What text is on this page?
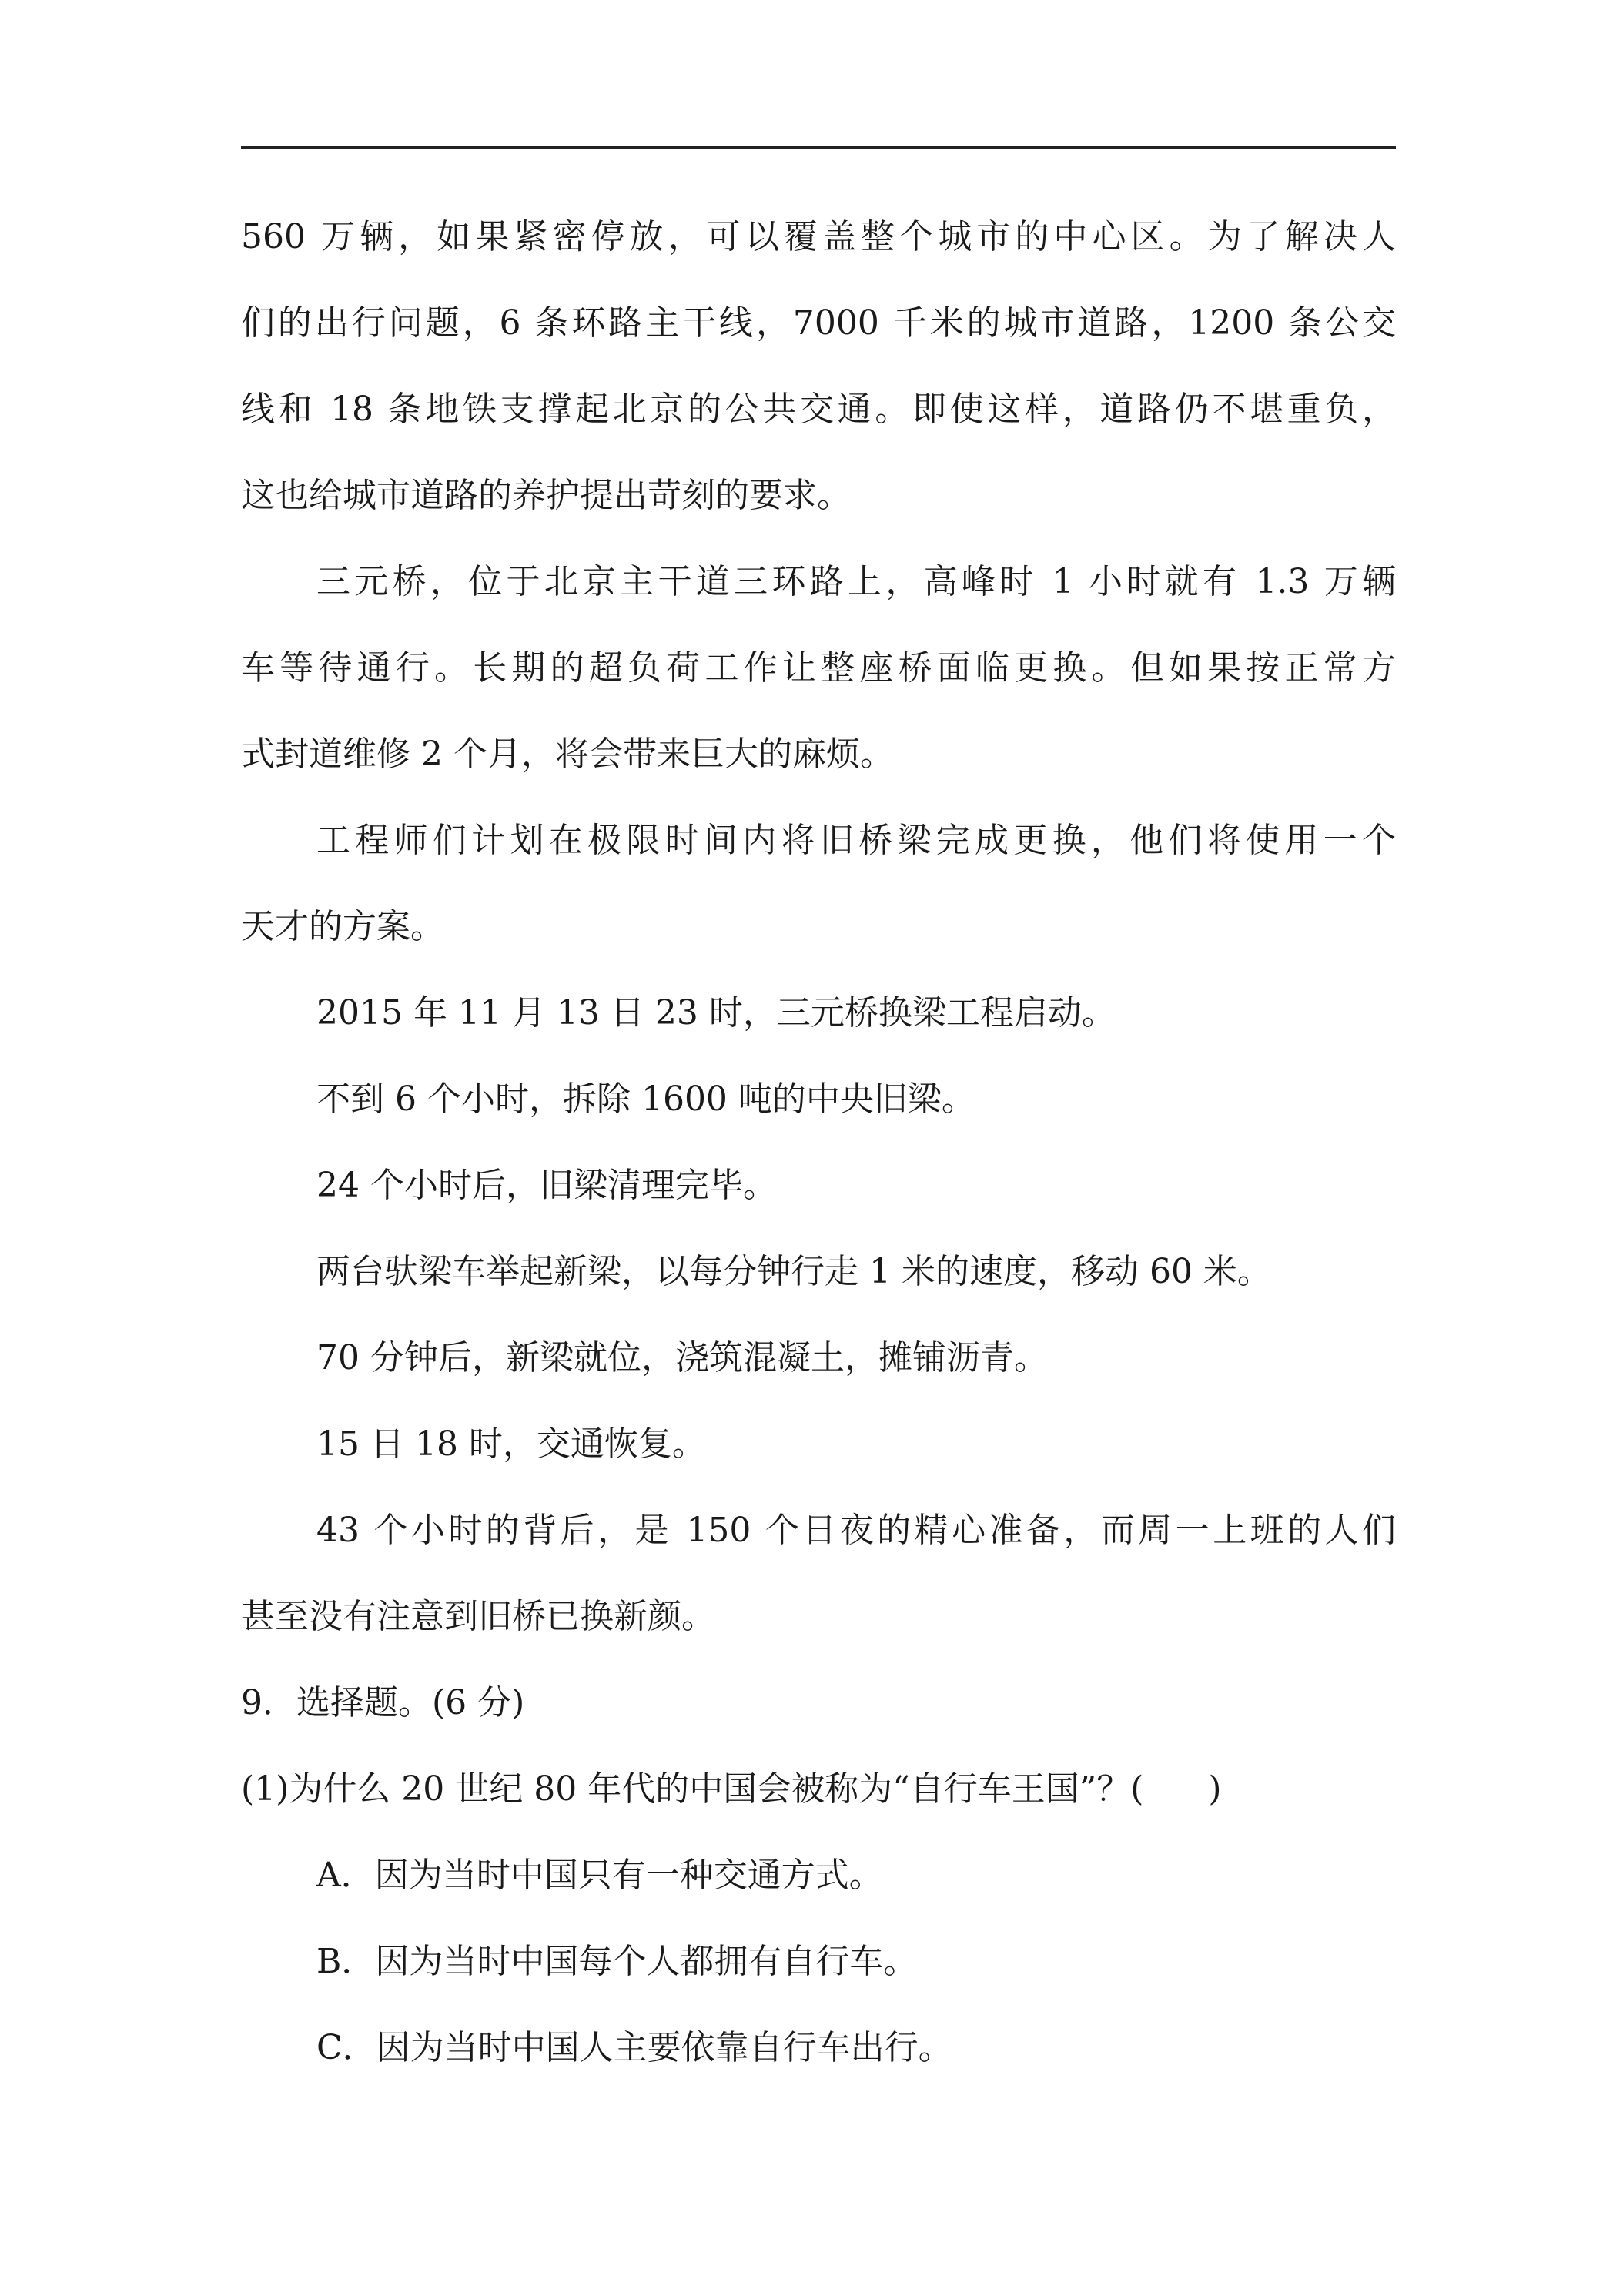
560 万辆，如果紧密停放，可以覆盖整个城市的中心区。为了解决人
们的出行问题，6 条环路主干线，7000 千米的城市道路，1200 条公交
线和 18 条地铁支撑起北京的公共交通。即使这样，道路仍不堪重负，
这也给城市道路的养护提出苛刻的要求。

三元桥，位于北京主干道三环路上，高峰时 1 小时就有 1.3 万辆
车等待通行。长期的超负荷工作让整座桥面临更换。但如果按正常方
式封道维修 2 个月，将会带来巨大的麻烦。

工程师们计划在极限时间内将旧桥梁完成更换，他们将使用一个
天才的方案。

2015 年 11 月 13 日 23 时，三元桥换梁工程启动。

不到 6 个小时，拆除 1600 吨的中央旧梁。

24 个小时后，旧梁清理完毕。

两台驮梁车举起新梁，以每分钟行走 1 米的速度，移动 60 米。

70 分钟后，新梁就位，浇筑混凝土，摊铺沥青。

15 日 18 时，交通恢复。

43 个小时的背后，是 150 个日夜的精心准备，而周一上班的人们
甚至没有注意到旧桥已换新颜。

9．选择题。(6 分)

(1)为什么 20 世纪 80 年代的中国会被称为“自行车王国”？( )

A．因为当时中国只有一种交通方式。

B．因为当时中国每个人都拥有自行车。

C．因为当时中国人主要依靠自行车出行。
